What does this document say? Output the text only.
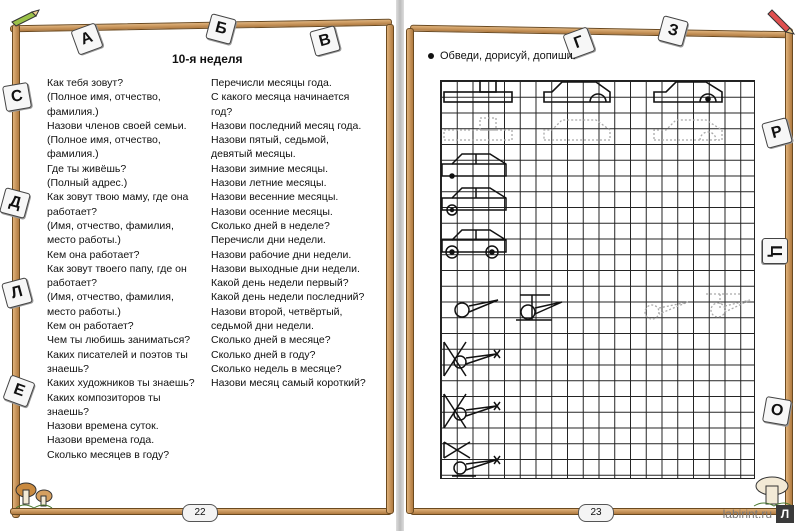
А
Б
В
С
Д
Л
Е
Г
З
Р
Ц
О
10-я неделя

Как тебя зовут?

(Полное имя, отчество, фамилия.)

Назови членов своей семьи. (Полное имя, отчество, фамилия.)

Где ты живёшь?

(Полный адрес.)

Как зовут твою маму, где она работает?

(Имя, отчество, фамилия, место работы.)

Кем она работает?

Как зовут твоего папу, где он работает?

(Имя, отчество, фамилия, место работы.)

Кем он работает?

Чем ты любишь заниматься?

Каких писателей и поэтов ты знаешь?

Каких художников ты знаешь?

Каких композиторов ты знаешь?

Назови времена суток.

Назови времена года.

Сколько месяцев в году?

Перечисли месяцы года.

С какого месяца начинается год?

Назови последний месяц года.

Назови пятый, седьмой, девятый месяцы.

Назови зимние месяцы.

Назови летние месяцы.

Назови весенние месяцы.

Назови осенние месяцы.

Сколько дней в неделе?

Перечисли дни недели.

Назови рабочие дни недели.

Назови выходные дни недели.

Какой день недели первый?

Какой день недели последний?

Назови второй, четвёртый, седьмой дни недели.

Сколько дней в месяце?

Сколько дней в году?

Сколько недель в месяце?

Назови месяц самый короткий?

22
Обведи, дорисуй, допиши.
23	Л
labirint.ru
